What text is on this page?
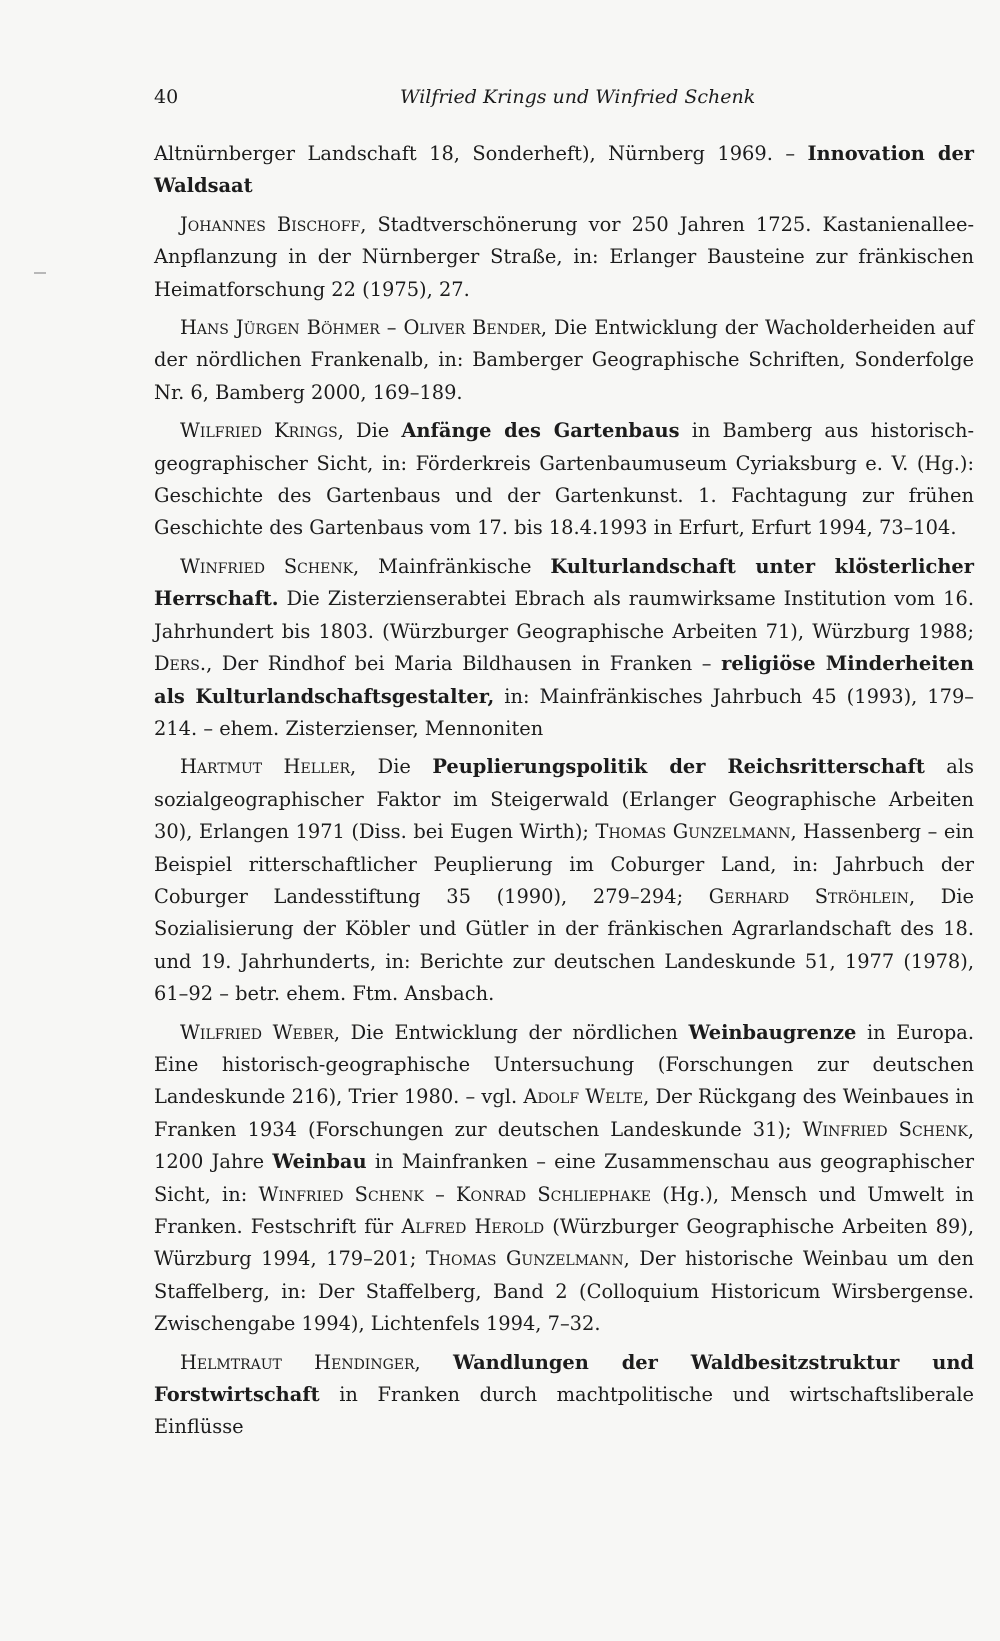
40	Wilfried Krings und Winfried Schenk

Altnürnberger Landschaft 18, Sonderheft), Nürnberg 1969. – Innovation der Waldsaat

Johannes Bischoff, Stadtverschönerung vor 250 Jahren 1725. Kastanienallee-Anpflanzung in der Nürnberger Straße, in: Erlanger Bausteine zur fränkischen Heimatforschung 22 (1975), 27.

Hans Jürgen Böhmer – Oliver Bender, Die Entwicklung der Wacholderheiden auf der nördlichen Frankenalb, in: Bamberger Geographische Schriften, Sonderfolge Nr. 6, Bamberg 2000, 169–189.

Wilfried Krings, Die Anfänge des Gartenbaus in Bamberg aus historisch-geographischer Sicht, in: Förderkreis Gartenbaumuseum Cyriaksburg e. V. (Hg.): Geschichte des Gartenbaus und der Gartenkunst. 1. Fachtagung zur frühen Geschichte des Gartenbaus vom 17. bis 18.4.1993 in Erfurt, Erfurt 1994, 73–104.

Winfried Schenk, Mainfränkische Kulturlandschaft unter klösterlicher Herrschaft. Die Zisterzienserabtei Ebrach als raumwirksame Institution vom 16. Jahrhundert bis 1803. (Würzburger Geographische Arbeiten 71), Würzburg 1988; Ders., Der Rindhof bei Maria Bildhausen in Franken – religiöse Minderheiten als Kulturlandschaftsgestalter, in: Mainfränkisches Jahrbuch 45 (1993), 179–214. – ehem. Zisterzienser, Mennoniten

Hartmut Heller, Die Peuplierungspolitik der Reichsritterschaft als sozialgeographischer Faktor im Steigerwald (Erlanger Geographische Arbeiten 30), Erlangen 1971 (Diss. bei Eugen Wirth); Thomas Gunzelmann, Hassenberg – ein Beispiel ritterschaftlicher Peuplierung im Coburger Land, in: Jahrbuch der Coburger Landesstiftung 35 (1990), 279–294; Gerhard Ströhlein, Die Sozialisierung der Köbler und Gütler in der fränkischen Agrarlandschaft des 18. und 19. Jahrhunderts, in: Berichte zur deutschen Landeskunde 51, 1977 (1978), 61–92 – betr. ehem. Ftm. Ansbach.

Wilfried Weber, Die Entwicklung der nördlichen Weinbaugrenze in Europa. Eine historisch-geographische Untersuchung (Forschungen zur deutschen Landeskunde 216), Trier 1980. – vgl. Adolf Welte, Der Rückgang des Weinbaues in Franken 1934 (Forschungen zur deutschen Landeskunde 31); Winfried Schenk, 1200 Jahre Weinbau in Mainfranken – eine Zusammenschau aus geographischer Sicht, in: Winfried Schenk – Konrad Schliephake (Hg.), Mensch und Umwelt in Franken. Festschrift für Alfred Herold (Würzburger Geographische Arbeiten 89), Würzburg 1994, 179–201; Thomas Gunzelmann, Der historische Weinbau um den Staffelberg, in: Der Staffelberg, Band 2 (Colloquium Historicum Wirsbergense. Zwischengabe 1994), Lichtenfels 1994, 7–32.

Helmtraut Hendinger, Wandlungen der Waldbesitzstruktur und Forstwirtschaft in Franken durch machtpolitische und wirtschaftsliberale Einflüsse
